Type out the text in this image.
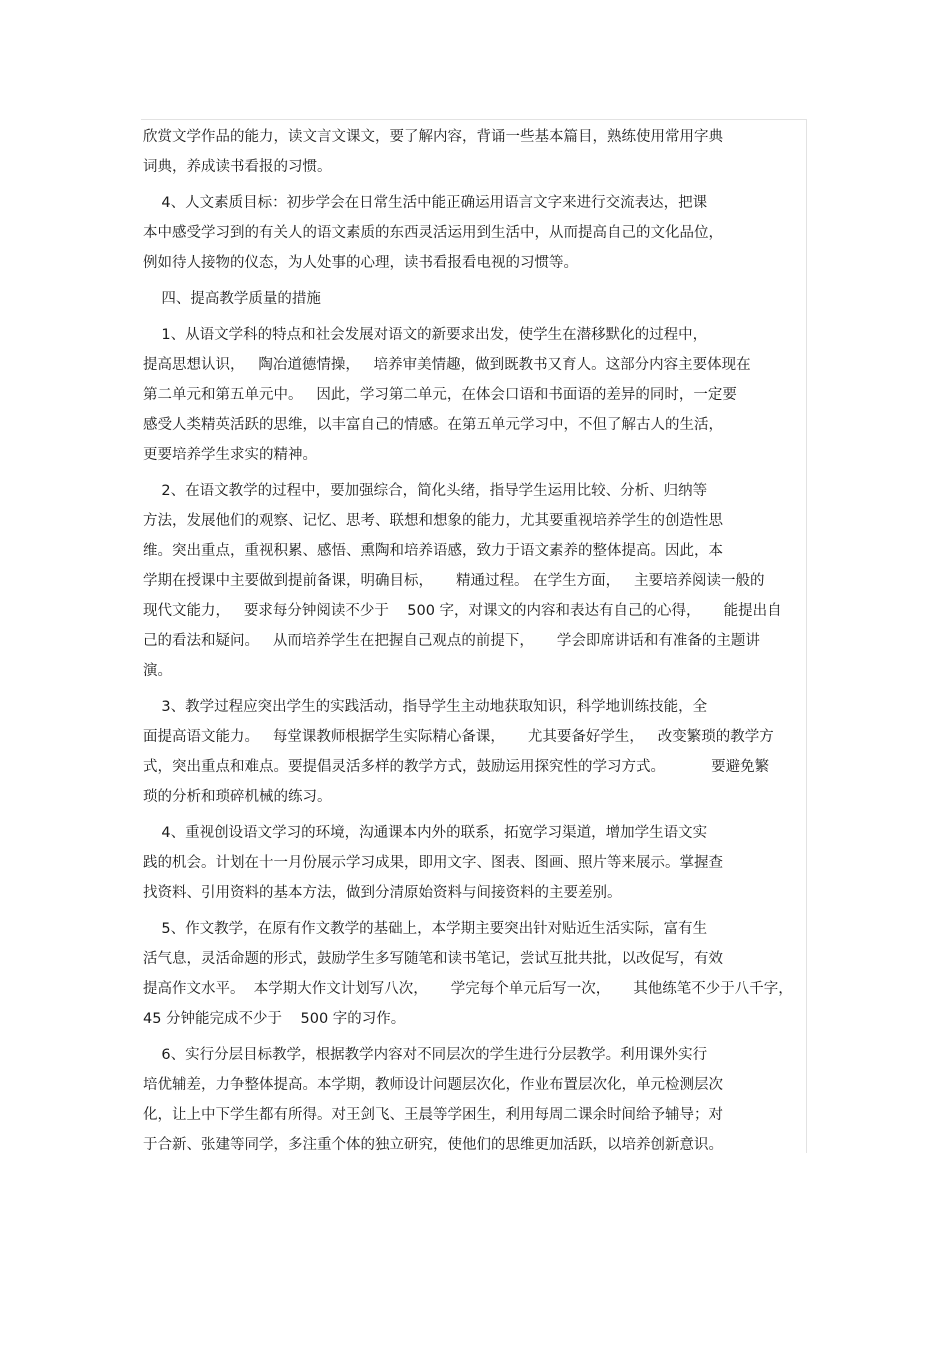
欣赏文学作品的能力，读文言文课文，要了解内容，背诵一些基本篇目，熟练使用常用字典
词典，养成读书看报的习惯。
4、人文素质目标：初步学会在日常生活中能正确运用语言文字来进行交流表达，把课
本中感受学习到的有关人的语文素质的东西灵活运用到生活中，从而提高自己的文化品位，
例如待人接物的仪态，为人处事的心理，读书看报看电视的习惯等。
四、提高教学质量的措施
1、从语文学科的特点和社会发展对语文的新要求出发，使学生在潜移默化的过程中，
提高思想认识，   陶冶道德情操，   培养审美情趣，做到既教书又育人。这部分内容主要体现在
第二单元和第五单元中。   因此，学习第二单元，在体会口语和书面语的差异的同时，一定要
感受人类精英活跃的思维，以丰富自己的情感。在第五单元学习中，不但了解古人的生活，
更要培养学生求实的精神。
2、在语文教学的过程中，要加强综合，简化头绪，指导学生运用比较、分析、归纳等
方法，发展他们的观察、记忆、思考、联想和想象的能力，尤其要重视培养学生的创造性思
维。突出重点，重视积累、感悟、熏陶和培养语感，致力于语文素养的整体提高。因此，本
学期在授课中主要做到提前备课，明确目标，     精通过程。 在学生方面，   主要培养阅读一般的
现代文能力，   要求每分钟阅读不少于    500 字，对课文的内容和表达有自己的心得，     能提出自
己的看法和疑问。   从而培养学生在把握自己观点的前提下，     学会即席讲话和有准备的主题讲
演。
3、教学过程应突出学生的实践活动，指导学生主动地获取知识，科学地训练技能，全
面提高语文能力。   每堂课教师根据学生实际精心备课，     尤其要备好学生，   改变繁琐的教学方
式，突出重点和难点。要提倡灵活多样的教学方式，鼓励运用探究性的学习方式。          要避免繁
琐的分析和琐碎机械的练习。
4、重视创设语文学习的环境，沟通课本内外的联系，拓宽学习渠道，增加学生语文实
践的机会。计划在十一月份展示学习成果，即用文字、图表、图画、照片等来展示。掌握查
找资料、引用资料的基本方法，做到分清原始资料与间接资料的主要差别。
5、作文教学，在原有作文教学的基础上，本学期主要突出针对贴近生活实际，富有生
活气息，灵活命题的形式，鼓励学生多写随笔和读书笔记，尝试互批共批，以改促写，有效
提高作文水平。  本学期大作文计划写八次，     学完每个单元后写一次，     其他练笔不少于八千字，
45 分钟能完成不少于    500 字的习作。
6、实行分层目标教学，根据教学内容对不同层次的学生进行分层教学。利用课外实行
培优辅差，力争整体提高。本学期，教师设计问题层次化，作业布置层次化，单元检测层次
化，让上中下学生都有所得。对王剑飞、王晨等学困生，利用每周二课余时间给予辅导；对
于合新、张建等同学，多注重个体的独立研究，使他们的思维更加活跃，以培养创新意识。
